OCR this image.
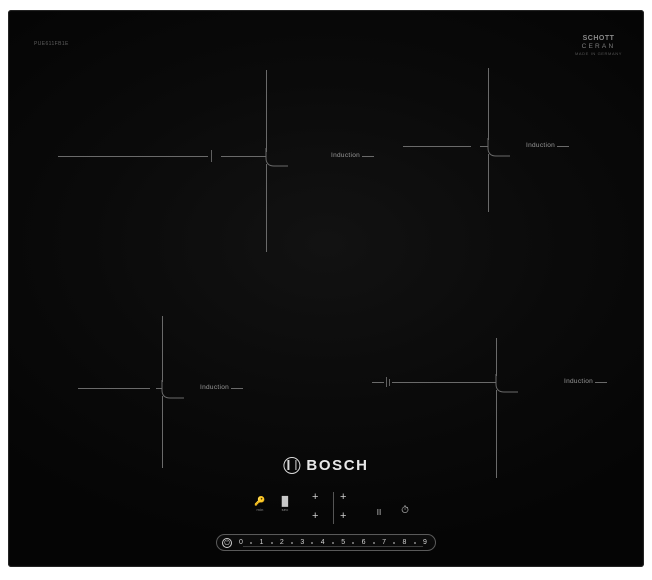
PUE611FB1E
SCHOTT
CERAN
MADE IN GERMANY
Induction
Induction
Induction
Induction
BOSCH
🔑
min
█
sec
+ +
+ +	II	⏱
⏻	0 1 2 3 4 5 6 7 8 9
